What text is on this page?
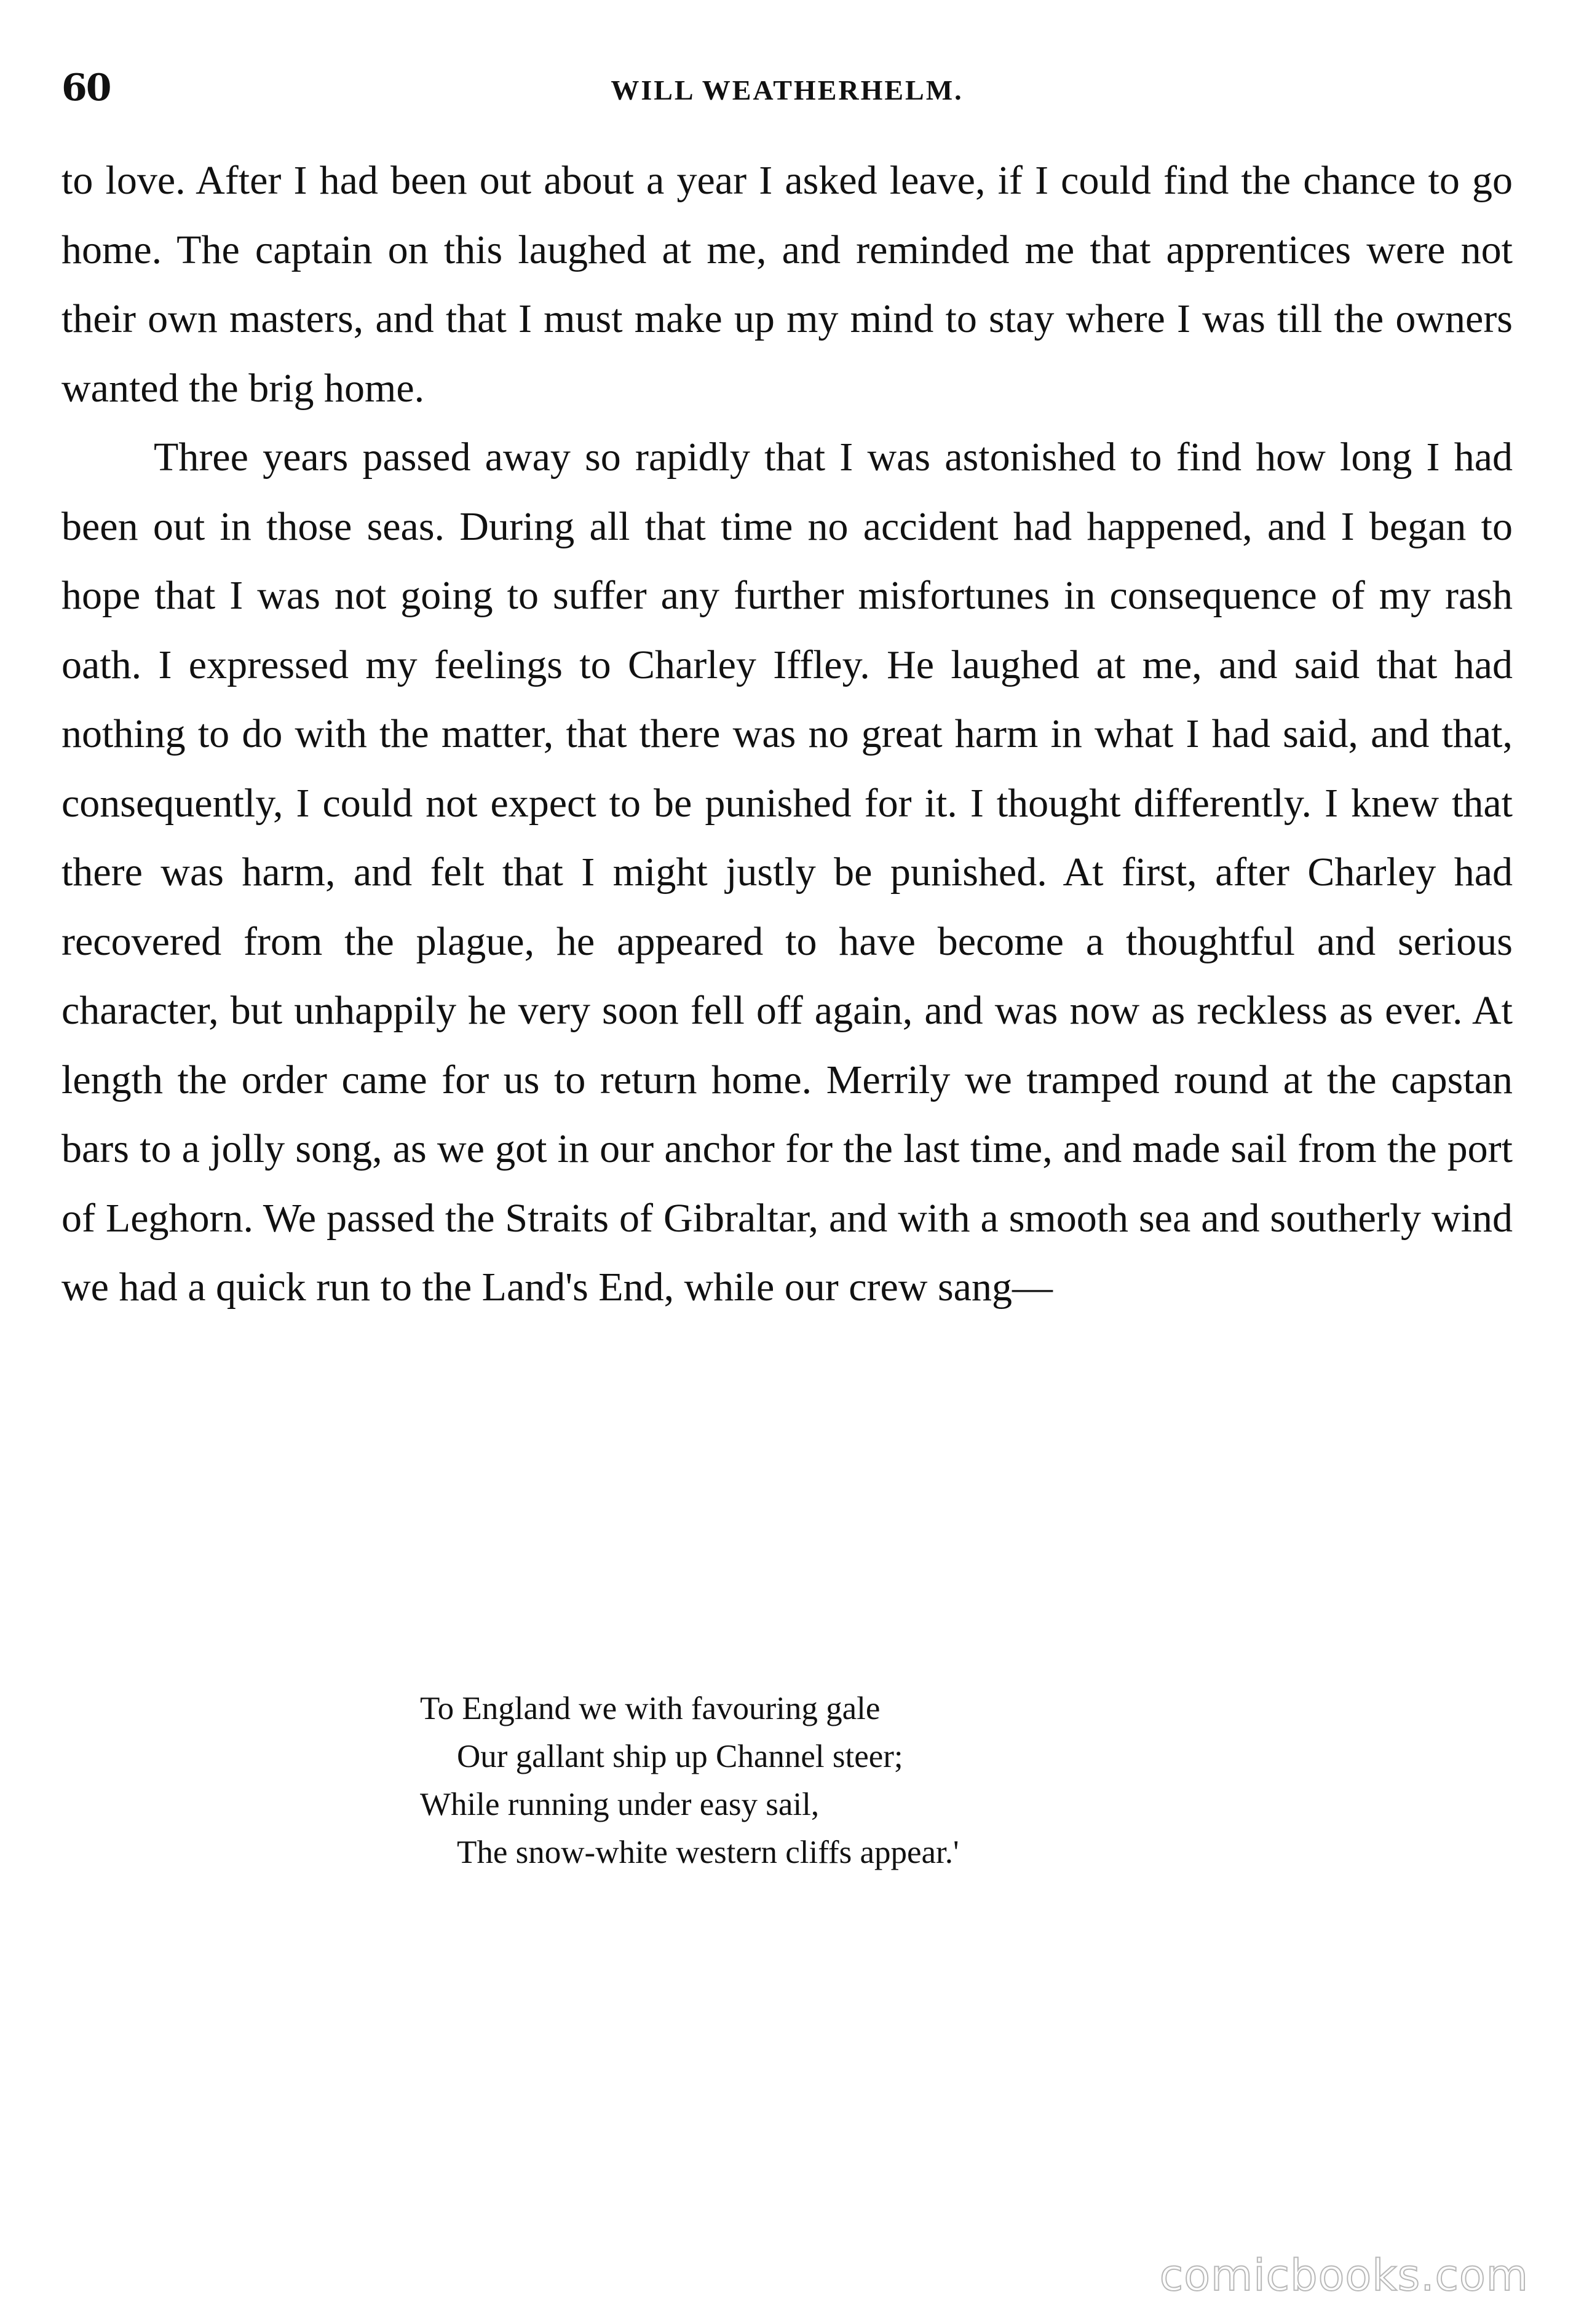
60	WILL WEATHERHELM.

to love. After I had been out about a year I asked leave, if I could find the chance to go home. The captain on this laughed at me, and reminded me that apprentices were not their own masters, and that I must make up my mind to stay where I was till the owners wanted the brig home.

Three years passed away so rapidly that I was astonished to find how long I had been out in those seas. During all that time no accident had happened, and I began to hope that I was not going to suffer any further misfortunes in consequence of my rash oath. I expressed my feelings to Charley Iffley. He laughed at me, and said that had nothing to do with the matter, that there was no great harm in what I had said, and that, consequently, I could not expect to be punished for it. I thought differently. I knew that there was harm, and felt that I might justly be punished. At first, after Charley had recovered from the plague, he appeared to have become a thoughtful and serious character, but unhappily he very soon fell off again, and was now as reckless as ever. At length the order came for us to return home. Merrily we tramped round at the capstan bars to a jolly song, as we got in our anchor for the last time, and made sail from the port of Leghorn. We passed the Straits of Gibraltar, and with a smooth sea and southerly wind we had a quick run to the Land's End, while our crew sang—

To England we with favouring gale
Our gallant ship up Channel steer;
While running under easy sail,
The snow-white western cliffs appear.'
comicbooks.com
